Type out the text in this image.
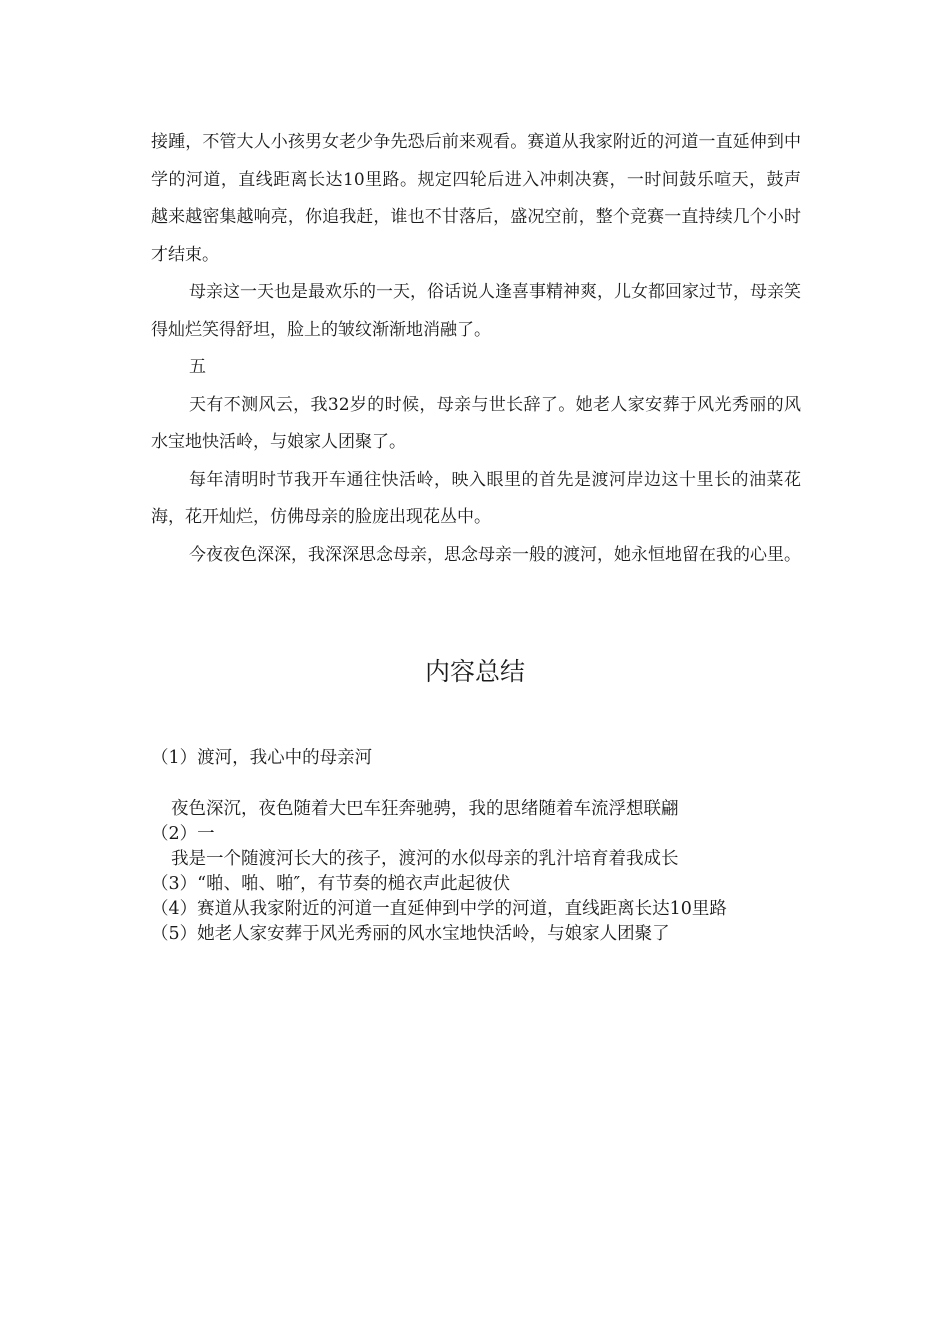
接踵，不管大人小孩男女老少争先恐后前来观看。赛道从我家附近的河道一直延伸到中学的河道，直线距离长达10里路。规定四轮后进入冲刺决赛，一时间鼓乐喧天，鼓声越来越密集越响亮，你追我赶，谁也不甘落后，盛况空前，整个竞赛一直持续几个小时才结束。

母亲这一天也是最欢乐的一天，俗话说人逢喜事精神爽，儿女都回家过节，母亲笑得灿烂笑得舒坦，脸上的皱纹渐渐地消融了。

五

天有不测风云，我32岁的时候，母亲与世长辞了。她老人家安葬于风光秀丽的风水宝地快活岭，与娘家人团聚了。

每年清明时节我开车通往快活岭，映入眼里的首先是渡河岸边这十里长的油菜花海，花开灿烂，仿佛母亲的脸庞出现花丛中。

今夜夜色深深，我深深思念母亲，思念母亲一般的渡河，她永恒地留在我的心里。

内容总结

（1）渡河，我心中的母亲河

夜色深沉，夜色随着大巴车狂奔驰骋，我的思绪随着车流浮想联翩

（2）一

我是一个随渡河长大的孩子，渡河的水似母亲的乳汁培育着我成长

（3）“啪、啪、啪″，有节奏的槌衣声此起彼伏

（4）赛道从我家附近的河道一直延伸到中学的河道，直线距离长达10里路

（5）她老人家安葬于风光秀丽的风水宝地快活岭，与娘家人团聚了
